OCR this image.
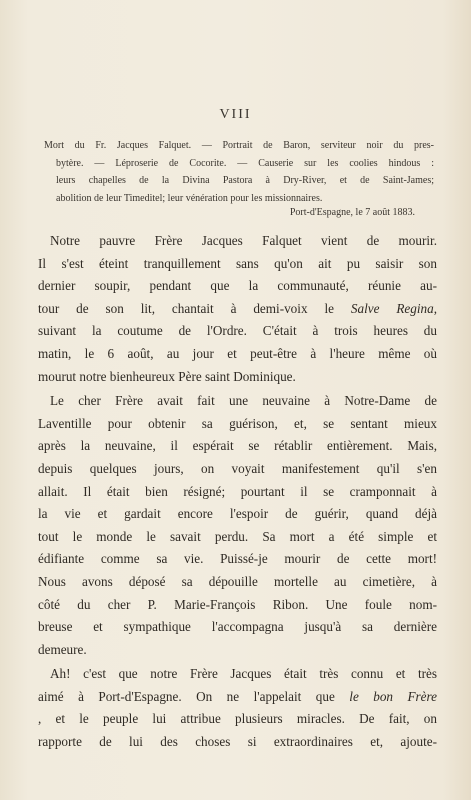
VIII
Mort du Fr. Jacques Falquet. — Portrait de Baron, serviteur noir du pres-
bytère. — Léproserie de Cocorite. — Causerie sur les coolies hindous :
leurs chapelles de la Divina Pastora à Dry-River, et de Saint-James;
abolition de leur Timeditel; leur vénération pour les missionnaires.
Port-d'Espagne, le 7 août 1883.

Notre pauvre Frère Jacques Falquet vient de mourir.
Il s'est éteint tranquillement sans qu'on ait pu saisir son
dernier soupir, pendant que la communauté, réunie au-
tour de son lit, chantait à demi-voix le Salve Regina,
suivant la coutume de l'Ordre. C'était à trois heures du
matin, le 6 août, au jour et peut-être à l'heure même où
mourut notre bienheureux Père saint Dominique.

Le cher Frère avait fait une neuvaine à Notre-Dame de
Laventille pour obtenir sa guérison, et, se sentant mieux
après la neuvaine, il espérait se rétablir entièrement. Mais,
depuis quelques jours, on voyait manifestement qu'il s'en
allait. Il était bien résigné; pourtant il se cramponnait à
la vie et gardait encore l'espoir de guérir, quand déjà
tout le monde le savait perdu. Sa mort a été simple et
édifiante comme sa vie. Puissé-je mourir de cette mort!
Nous avons déposé sa dépouille mortelle au cimetière, à
côté du cher P. Marie-François Ribon. Une foule nom-
breuse et sympathique l'accompagna jusqu'à sa dernière
demeure.

Ah! c'est que notre Frère Jacques était très connu et très
aimé à Port-d'Espagne. On ne l'appelait que le bon Frère
, et le peuple lui attribue plusieurs miracles. De fait, on
rapporte de lui des choses si extraordinaires et, ajoute-
